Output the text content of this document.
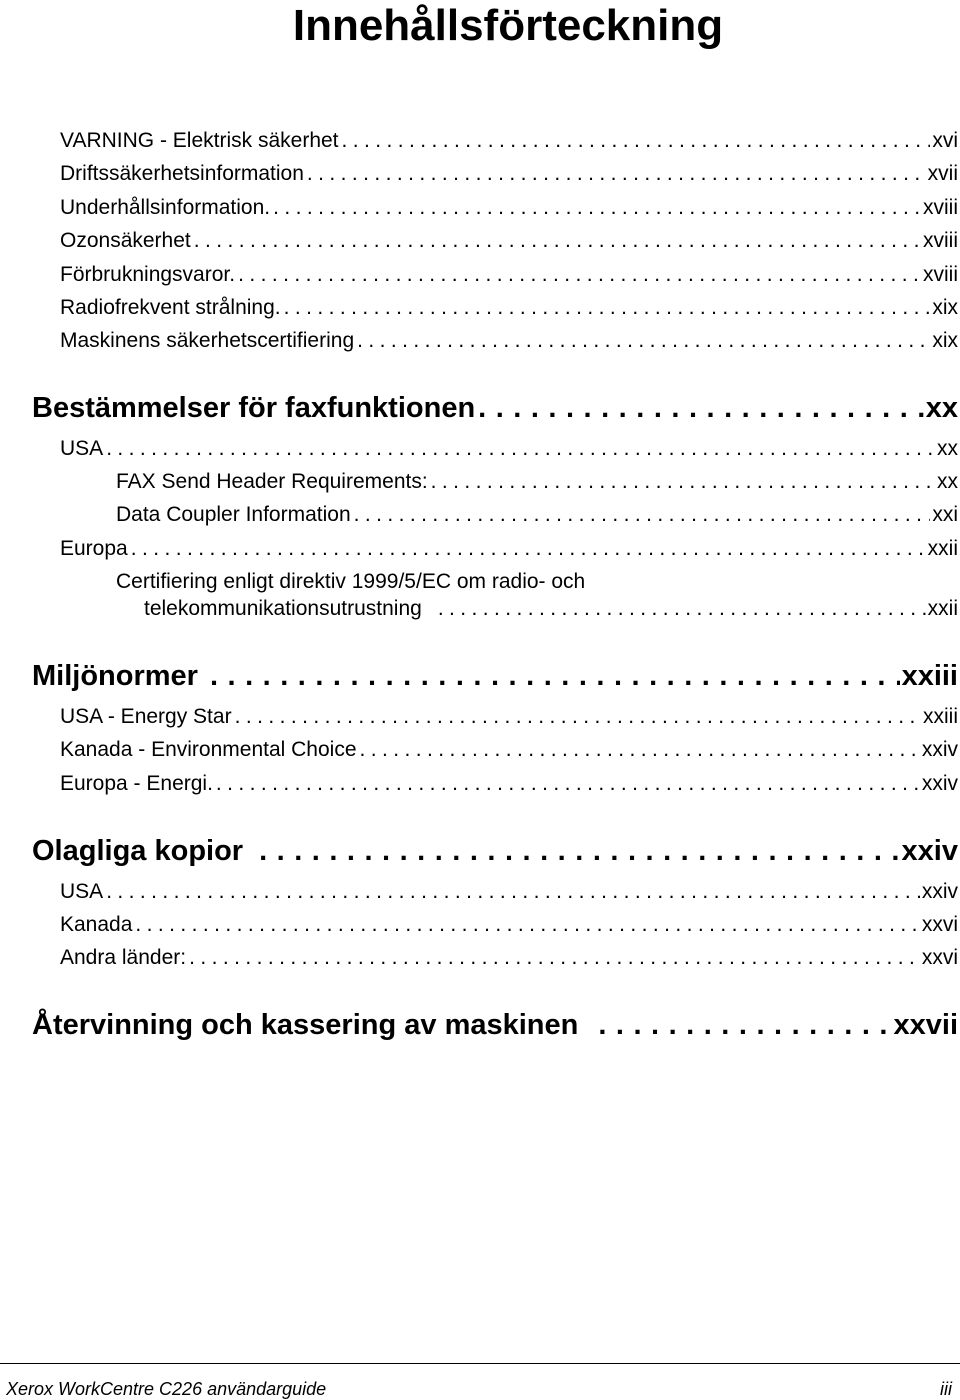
Innehållsförteckning
VARNING - Elektrisk säkerhet . . .	xvi
Driftssäkerhetsinformation . . .	xvii
Underhållsinformation. . . .	xviii
Ozonsäkerhet . . .	xviii
Förbrukningsvaror. . . .	xviii
Radiofrekvent strålning. . . .	xix
Maskinens säkerhetscertifiering . . .	xix
Bestämmelser för faxfunktionen . . .	xx
USA . . .	xx
FAX Send Header Requirements: . . .	xx
Data Coupler Information . . .	xxi
Europa . . .	xxii
Certifiering enligt direktiv 1999/5/EC om radio- och
telekommunikationsutrustning . . .	xxii
Miljönormer . . .	xxiii
USA - Energy Star . . .	xxiii
Kanada - Environmental Choice . . .	xxiv
Europa - Energi. . . .	xxiv
Olagliga kopior . . .	xxiv
USA . . .	xxiv
Kanada . . .	xxvi
Andra länder: . . .	xxvi
Återvinning och kassering av maskinen . . .	xxvii
Xerox WorkCentre C226 användarguide	iii
